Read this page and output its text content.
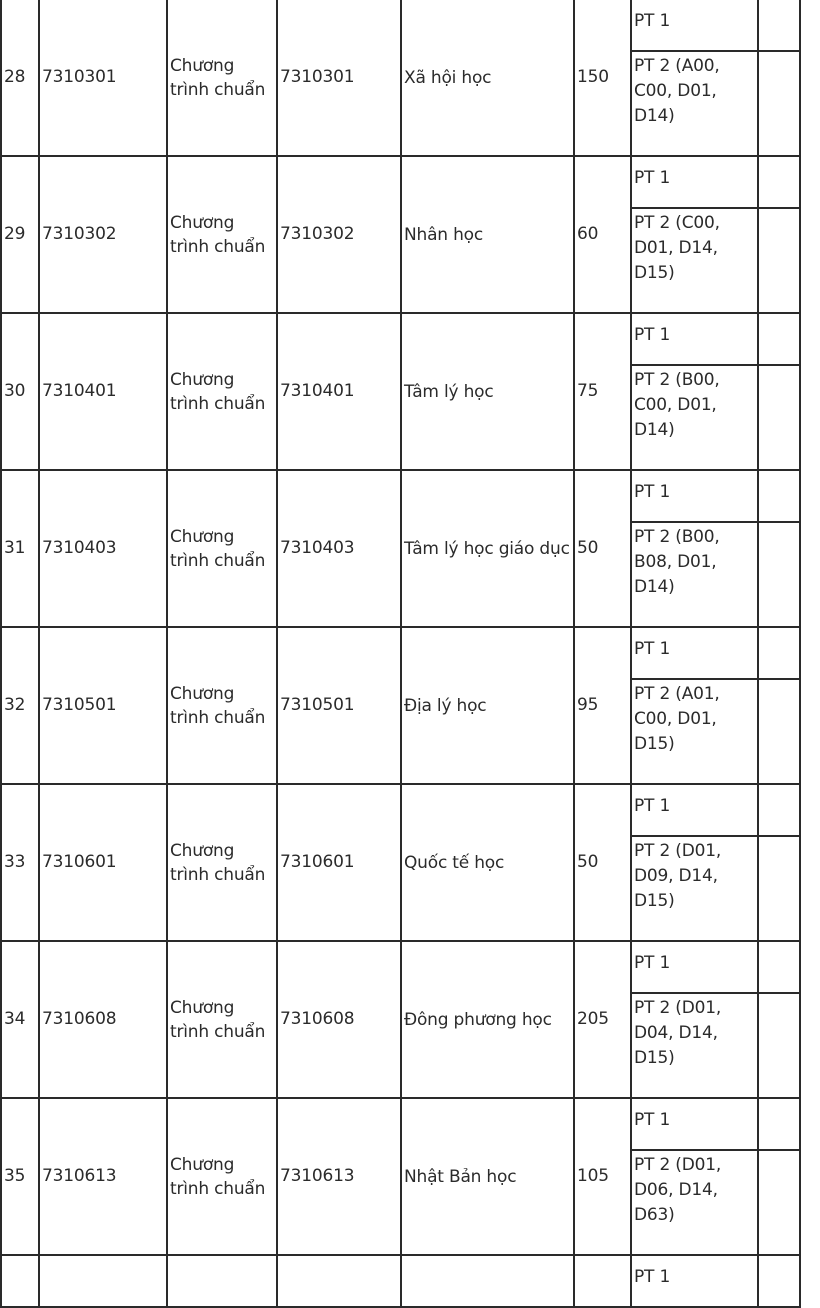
28	7310301	Chương trình chuẩn	7310301	Xã hội học	150	PT 1	
						PT 2 (A00, C00, D01, D14)	
29	7310302	Chương trình chuẩn	7310302	Nhân học	60	PT 1	
						PT 2 (C00, D01, D14, D15)	
30	7310401	Chương trình chuẩn	7310401	Tâm lý học	75	PT 1	
						PT 2 (B00, C00, D01, D14)	
31	7310403	Chương trình chuẩn	7310403	Tâm lý học giáo dục	50	PT 1	
						PT 2 (B00, B08, D01, D14)	
32	7310501	Chương trình chuẩn	7310501	Địa lý học	95	PT 1	
						PT 2 (A01, C00, D01, D15)	
33	7310601	Chương trình chuẩn	7310601	Quốc tế học	50	PT 1	
						PT 2 (D01, D09, D14, D15)	
34	7310608	Chương trình chuẩn	7310608	Đông phương học	205	PT 1	
						PT 2 (D01, D04, D14, D15)	
35	7310613	Chương trình chuẩn	7310613	Nhật Bản học	105	PT 1	
						PT 2 (D01, D06, D14, D63)	
						PT 1	
